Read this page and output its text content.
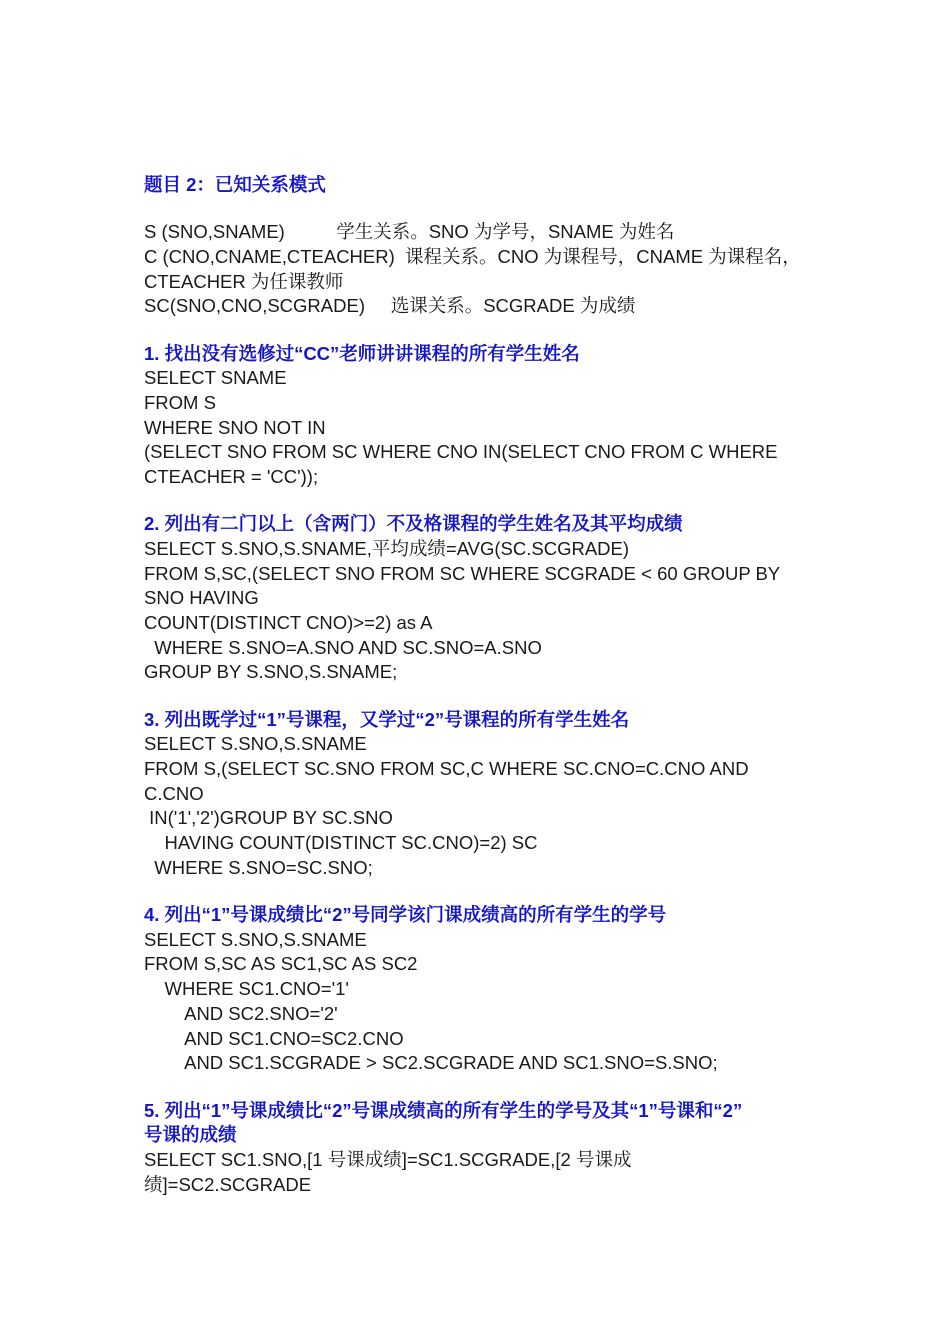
题目 2：已知关系模式
S (SNO,SNAME)          学生关系。SNO 为学号，SNAME 为姓名
C (CNO,CNAME,CTEACHER)  课程关系。CNO 为课程号，CNAME 为课程名，
CTEACHER 为任课教师
SC(SNO,CNO,SCGRADE)     选课关系。SCGRADE 为成绩
1. 找出没有选修过“CC”老师讲讲课程的所有学生姓名
SELECT SNAME
FROM S
WHERE SNO NOT IN
(SELECT SNO FROM SC WHERE CNO IN(SELECT CNO FROM C WHERE
CTEACHER = 'CC'));
2. 列出有二门以上（含两门）不及格课程的学生姓名及其平均成绩
SELECT S.SNO,S.SNAME,平均成绩=AVG(SC.SCGRADE)
FROM S,SC,(SELECT SNO FROM SC WHERE SCGRADE < 60 GROUP BY
SNO HAVING
COUNT(DISTINCT CNO)>=2) as A
WHERE S.SNO=A.SNO AND SC.SNO=A.SNO
GROUP BY S.SNO,S.SNAME;
3. 列出既学过“1”号课程，又学过“2”号课程的所有学生姓名
SELECT S.SNO,S.SNAME
FROM S,(SELECT SC.SNO FROM SC,C WHERE SC.CNO=C.CNO AND
C.CNO
IN('1','2')GROUP BY SC.SNO
HAVING COUNT(DISTINCT SC.CNO)=2) SC
WHERE S.SNO=SC.SNO;
4. 列出“1”号课成绩比“2”号同学该门课成绩高的所有学生的学号
SELECT S.SNO,S.SNAME
FROM S,SC AS SC1,SC AS SC2
WHERE SC1.CNO='1'
AND SC2.SNO='2'
AND SC1.CNO=SC2.CNO
AND SC1.SCGRADE > SC2.SCGRADE AND SC1.SNO=S.SNO;
5. 列出“1”号课成绩比“2”号课成绩高的所有学生的学号及其“1”号课和“2”
号课的成绩
SELECT SC1.SNO,[1 号课成绩]=SC1.SCGRADE,[2 号课成
绩]=SC2.SCGRADE
